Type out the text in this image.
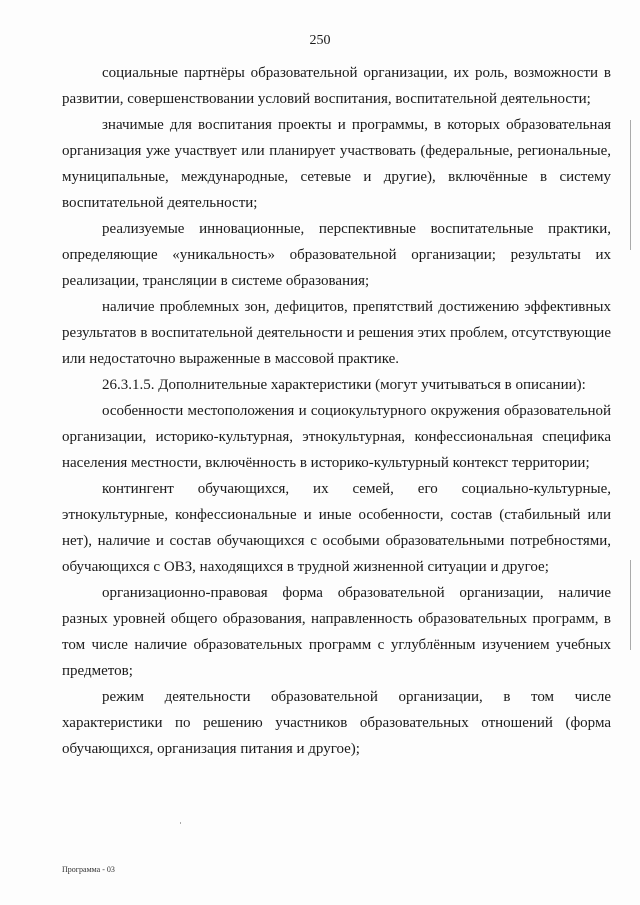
250

социальные партнёры образовательной организации, их роль, возможности в развитии, совершенствовании условий воспитания, воспитательной деятельности;

значимые для воспитания проекты и программы, в которых образовательная организация уже участвует или планирует участвовать (федеральные, региональные, муниципальные, международные, сетевые и другие), включённые в систему воспитательной деятельности;

реализуемые инновационные, перспективные воспитательные практики, определяющие «уникальность» образовательной организации; результаты их реализации, трансляции в системе образования;

наличие проблемных зон, дефицитов, препятствий достижению эффективных результатов в воспитательной деятельности и решения этих проблем, отсутствующие или недостаточно выраженные в массовой практике.

26.3.1.5. Дополнительные характеристики (могут учитываться в описании):

особенности местоположения и социокультурного окружения образовательной организации, историко-культурная, этнокультурная, конфессиональная специфика населения местности, включённость в историко-культурный контекст территории;

контингент обучающихся, их семей, его социально-культурные, этнокультурные, конфессиональные и иные особенности, состав (стабильный или нет), наличие и состав обучающихся с особыми образовательными потребностями, обучающихся с ОВЗ, находящихся в трудной жизненной ситуации и другое;

организационно-правовая форма образовательной организации, наличие разных уровней общего образования, направленность образовательных программ, в том числе наличие образовательных программ с углублённым изучением учебных предметов;

режим деятельности образовательной организации, в том числе характеристики по решению участников образовательных отношений (форма обучающихся, организация питания и другое);

Программа - 03
